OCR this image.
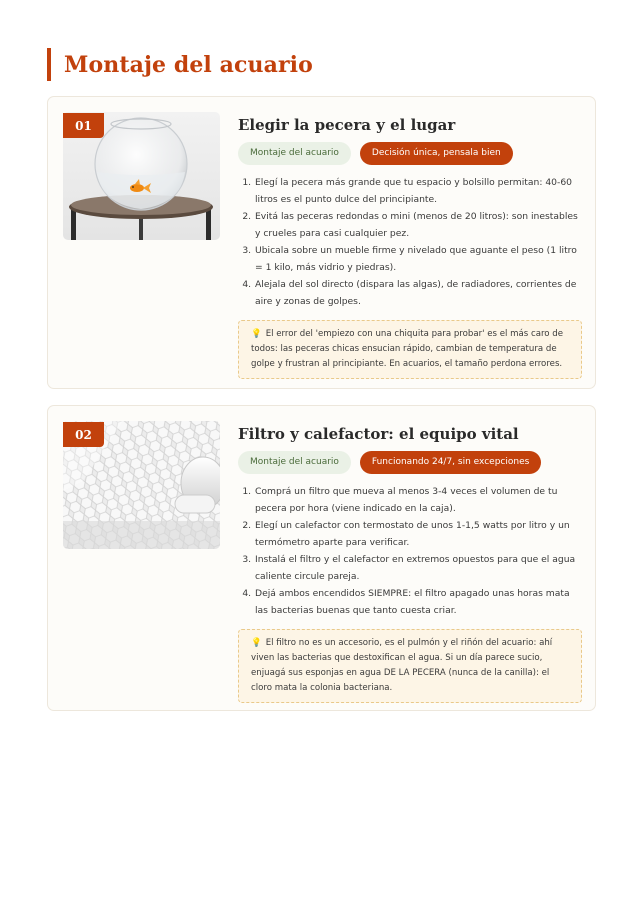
Montaje del acuario
01	Elegir la pecera y el lugar
Montaje del acuario	Decisión única, pensala bien
1. Elegí la pecera más grande que tu espacio y bolsillo permitan: 40-60 litros es el punto dulce del principiante.
2. Evitá las peceras redondas o mini (menos de 20 litros): son inestables y crueles para casi cualquier pez.
3. Ubicala sobre un mueble firme y nivelado que aguante el peso (1 litro = 1 kilo, más vidrio y piedras).
4. Alejala del sol directo (dispara las algas), de radiadores, corrientes de aire y zonas de golpes.
💡 El error del 'empiezo con una chiquita para probar' es el más caro de todos: las peceras chicas ensucian rápido, cambian de temperatura de golpe y frustran al principiante. En acuarios, el tamaño perdona errores.
02	Filtro y calefactor: el equipo vital
Montaje del acuario	Funcionando 24/7, sin excepciones
1. Comprá un filtro que mueva al menos 3-4 veces el volumen de tu pecera por hora (viene indicado en la caja).
2. Elegí un calefactor con termostato de unos 1-1,5 watts por litro y un termómetro aparte para verificar.
3. Instalá el filtro y el calefactor en extremos opuestos para que el agua caliente circule pareja.
4. Dejá ambos encendidos SIEMPRE: el filtro apagado unas horas mata las bacterias buenas que tanto cuesta criar.
💡 El filtro no es un accesorio, es el pulmón y el riñón del acuario: ahí viven las bacterias que destoxifican el agua. Si un día parece sucio, enjuagá sus esponjas en agua DE LA PECERA (nunca de la canilla): el cloro mata la colonia bacteriana.
